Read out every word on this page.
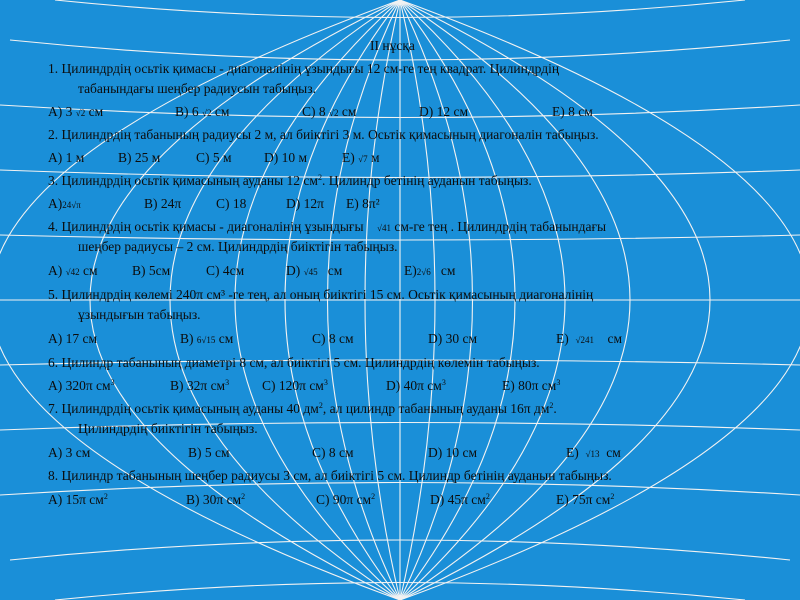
II нұсқа
1. Цилиндрдің осьтік қимасы - диагоналінің ұзындығы 12 см-ге тең квадрат. Цилиндрдің
табанындағы шеңбер радиусын табыңыз.
A) 3 √2 см	B) 6 √2 см	C) 8 √2 см	D) 12 см	E) 8 см
2. Цилиндрдің табанының радиусы 2 м, ал биіктігі 3 м. Осьтік қимасының диагоналін табыңыз.
A) 1 м B) 25 м	C) 5 м D) 10 м	E) √7 м
3. Цилиндрдің осьтік қимасының ауданы 12 $см^2$. Цилиндр бетінің ауданын табыңыз.
A)24√π	B) 24π	C) 18	D) 12π E) 8π²
4. Цилиндрдің осьтік қимасы - диагоналінің ұзындығы √41 см-ге тең . Цилиндрдің табанындағы
шеңбер радиусы – 2 см. Цилиндрдің биіктігін табыңыз.
A) √42 см	B) 5см	C) 4см	D) √45 см	E)2√6 см
5. Цилиндрдің көлемі 240π см³ -ге тең, ал оның биіктігі 15 см. Осьтік қимасының диагоналінің
ұзындығын табыңыз.
A) 17 см	B) 6√15 см	C) 8 см	D) 30 см	E) √241 см
6. Цилиндр табанының диаметрі 8 см, ал биіктігі 5 см. Цилиндрдің көлемін табыңыз.
A) 320π $см^3$	B) 32π $см^3$ C) 120π $см^3$	D) 40π $см^3$	E) 80π $см^3$
7. Цилиндрдің осьтік қимасының ауданы 40 $дм^2$, ал цилиндр табанының ауданы 16π $дм^2$.
Цилиндрдің биіктігін табыңыз.
A) 3 см	B) 5 см	C) 8 см	D) 10 см	E) √13 см
8. Цилиндр табанының шеңбер радиусы 3 см, ал биіктігі 5 см. Цилиндр бетінің ауданын табыңыз.
A) 15π $см^2$	B) 30π $см^2$	C) 90π $см^2$	D) 45π $см^2$	E) 75π $см^2$
